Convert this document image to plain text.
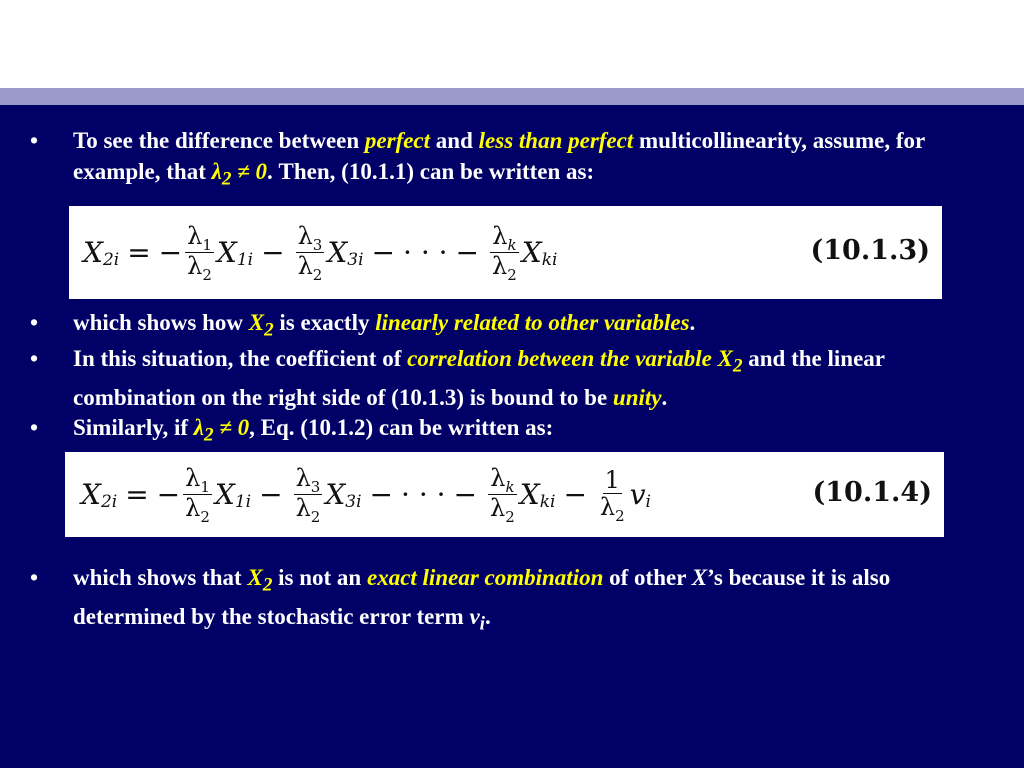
• To see the difference between perfect and less than perfect multicollinearity, assume, for example, that $\lambda_2 \ne 0$. Then, (10.1.1) can be written as:
X 2i = − $\frac{\lambda_1}{\lambda_2}$ X $1i - \frac{\lambda_3}{\lambda_2}$ X 3i − · · · − $\frac{\lambda_k}{\lambda_2}$ X ki	(10.1.3)
• which shows how $X_2$ is exactly linearly related to other variables.
• In this situation, the coefficient of correlation between the variable $X_2$ and the linear combination on the right side of (10.1.3) is bound to be unity.
• Similarly, if $\lambda_2 \ne 0$, Eq. (10.1.2) can be written as:
X 2i = − $\frac{\lambda_1}{\lambda_2}$ X $1i - \frac{\lambda_3}{\lambda_2}$ X 3i − · · · − $\frac{\lambda_k}{\lambda_2}$ X ki − $\frac{1}{\lambda_2}$ v i	(10.1.4)
• which shows that $X_2$ is not an exact linear combination of other X’s because it is also determined by the stochastic error term $v_i$.
